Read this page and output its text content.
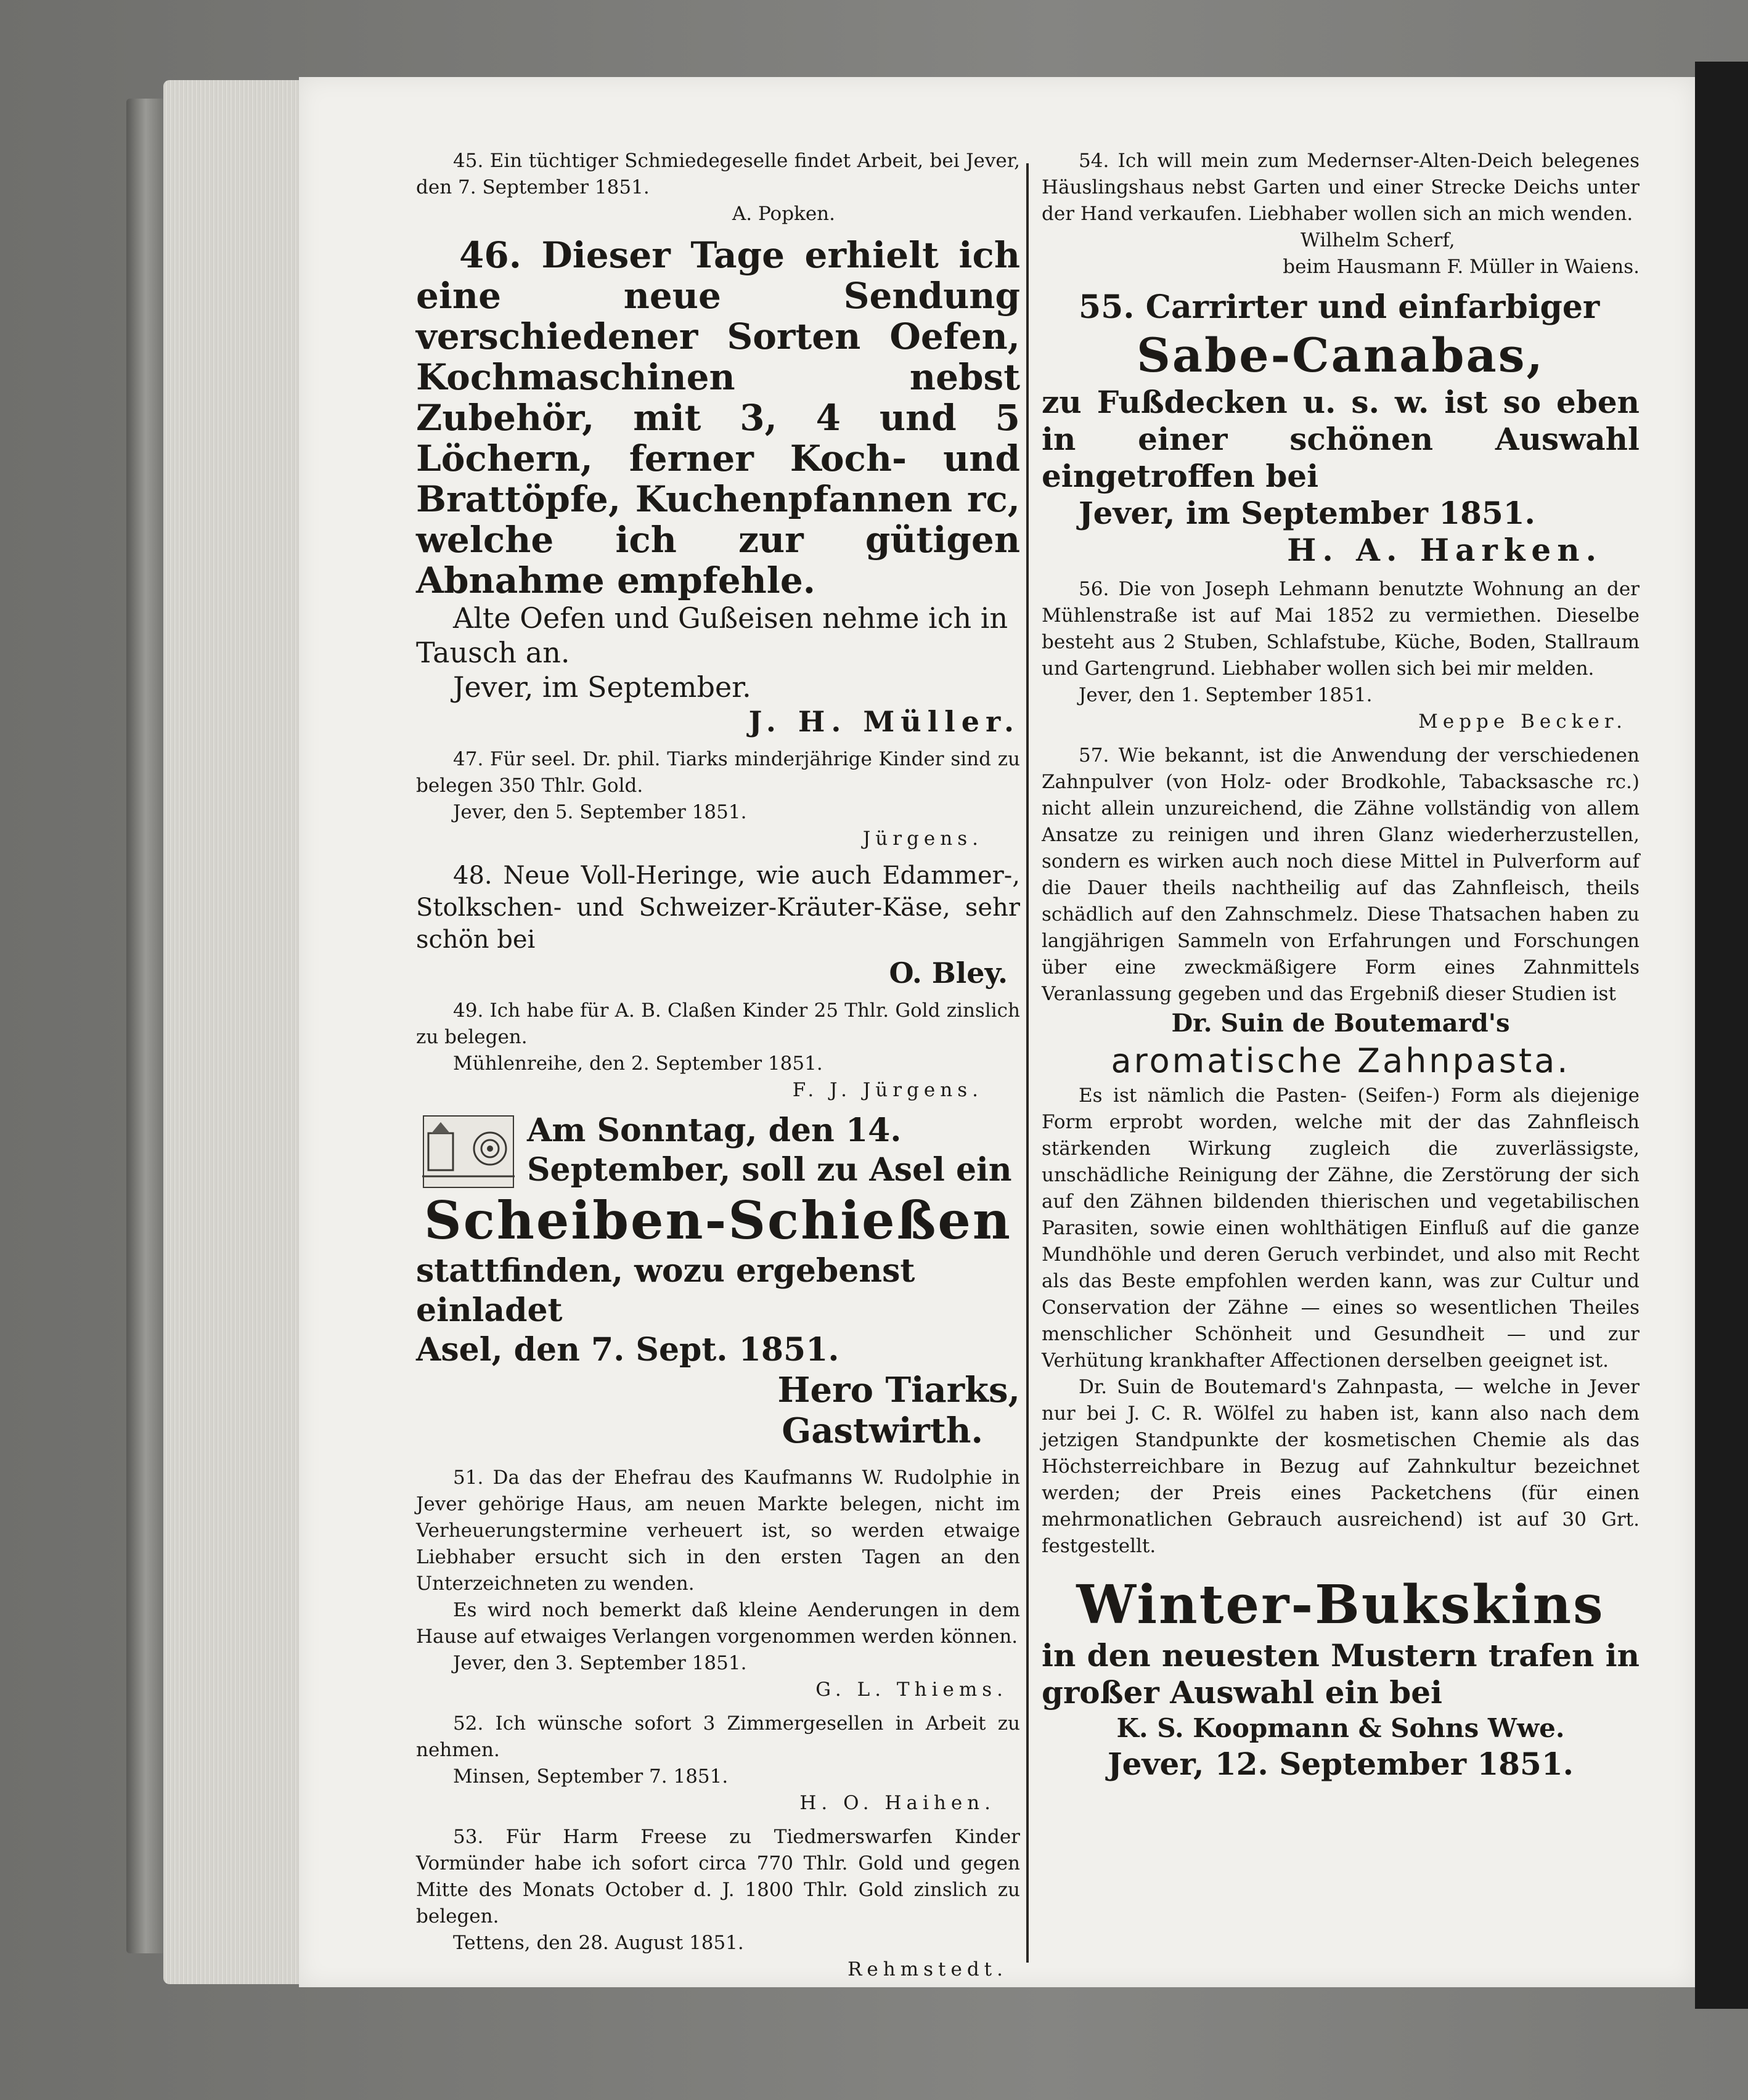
45. Ein tüchtiger Schmiedegeselle findet Arbeit, bei Jever, den 7. September 1851.

A. Popken.

46. Dieser Tage erhielt ich eine neue Sendung verschiedener Sorten Oefen, Kochmaschinen nebst Zubehör, mit 3, 4 und 5 Löchern, ferner Koch- und Brattöpfe, Kuchenpfannen rc, welche ich zur gütigen Abnahme empfehle.

Alte Oefen und Gußeisen nehme ich in Tausch an.

Jever, im September.

J. H. Müller.

47. Für seel. Dr. phil. Tiarks minderjährige Kinder sind zu belegen 350 Thlr. Gold.

Jever, den 5. September 1851.

Jürgens.

48. Neue Voll-Heringe, wie auch Edammer-, Stolkschen- und Schweizer-Kräuter-Käse, sehr schön bei

O. Bley.

49. Ich habe für A. B. Claßen Kinder 25 Thlr. Gold zinslich zu belegen.

Mühlenreihe, den 2. September 1851.

F. J. Jürgens.

Am Sonntag, den 14. September, soll zu Asel ein

Scheiben-Schießen

stattfinden, wozu ergebenst einladet

Asel, den 7. Sept. 1851.

Hero Tiarks,

Gastwirth.

51. Da das der Ehefrau des Kaufmanns W. Rudolphie in Jever gehörige Haus, am neuen Markte belegen, nicht im Verheuerungstermine verheuert ist, so werden etwaige Liebhaber ersucht sich in den ersten Tagen an den Unterzeichneten zu wenden.

Es wird noch bemerkt daß kleine Aenderungen in dem Hause auf etwaiges Verlangen vorgenommen werden können.

Jever, den 3. September 1851.

G. L. Thiems.

52. Ich wünsche sofort 3 Zimmergesellen in Arbeit zu nehmen.

Minsen, September 7. 1851.

H. O. Haihen.

53. Für Harm Freese zu Tiedmerswarfen Kinder Vormünder habe ich sofort circa 770 Thlr. Gold und gegen Mitte des Monats October d. J. 1800 Thlr. Gold zinslich zu belegen.

Tettens, den 28. August 1851.

Rehmstedt.

54. Ich will mein zum Medernser-Alten-Deich belegenes Häuslingshaus nebst Garten und einer Strecke Deichs unter der Hand verkaufen. Liebhaber wollen sich an mich wenden.

Wilhelm Scherf,

beim Hausmann F. Müller in Waiens.

55. Carrirter und einfarbiger

Sabe-Canabas,

zu Fußdecken u. s. w. ist so eben in einer schönen Auswahl eingetroffen bei

Jever, im September 1851.

H. A. Harken.

56. Die von Joseph Lehmann benutzte Wohnung an der Mühlenstraße ist auf Mai 1852 zu vermiethen. Dieselbe besteht aus 2 Stuben, Schlafstube, Küche, Boden, Stallraum und Gartengrund. Liebhaber wollen sich bei mir melden.

Jever, den 1. September 1851.

Meppe Becker.

57. Wie bekannt, ist die Anwendung der verschiedenen Zahnpulver (von Holz- oder Brodkohle, Tabacksasche rc.) nicht allein unzureichend, die Zähne vollständig von allem Ansatze zu reinigen und ihren Glanz wiederherzustellen, sondern es wirken auch noch diese Mittel in Pulverform auf die Dauer theils nachtheilig auf das Zahnfleisch, theils schädlich auf den Zahnschmelz. Diese Thatsachen haben zu langjährigen Sammeln von Erfahrungen und Forschungen über eine zweckmäßigere Form eines Zahnmittels Veranlassung gegeben und das Ergebniß dieser Studien ist

Dr. Suin de Boutemard's

aromatische Zahnpasta.

Es ist nämlich die Pasten- (Seifen-) Form als diejenige Form erprobt worden, welche mit der das Zahnfleisch stärkenden Wirkung zugleich die zuverlässigste, unschädliche Reinigung der Zähne, die Zerstörung der sich auf den Zähnen bildenden thierischen und vegetabilischen Parasiten, sowie einen wohlthätigen Einfluß auf die ganze Mundhöhle und deren Geruch verbindet, und also mit Recht als das Beste empfohlen werden kann, was zur Cultur und Conservation der Zähne — eines so wesentlichen Theiles menschlicher Schönheit und Gesundheit — und zur Verhütung krankhafter Affectionen derselben geeignet ist.

Dr. Suin de Boutemard's Zahnpasta, — welche in Jever nur bei J. C. R. Wölfel zu haben ist, kann also nach dem jetzigen Standpunkte der kosmetischen Chemie als das Höchsterreichbare in Bezug auf Zahnkultur bezeichnet werden; der Preis eines Packetchens (für einen mehrmonatlichen Gebrauch ausreichend) ist auf 30 Grt. festgestellt.

Winter-Bukskins

in den neuesten Mustern trafen in großer Auswahl ein bei

K. S. Koopmann & Sohns Wwe.

Jever, 12. September 1851.
